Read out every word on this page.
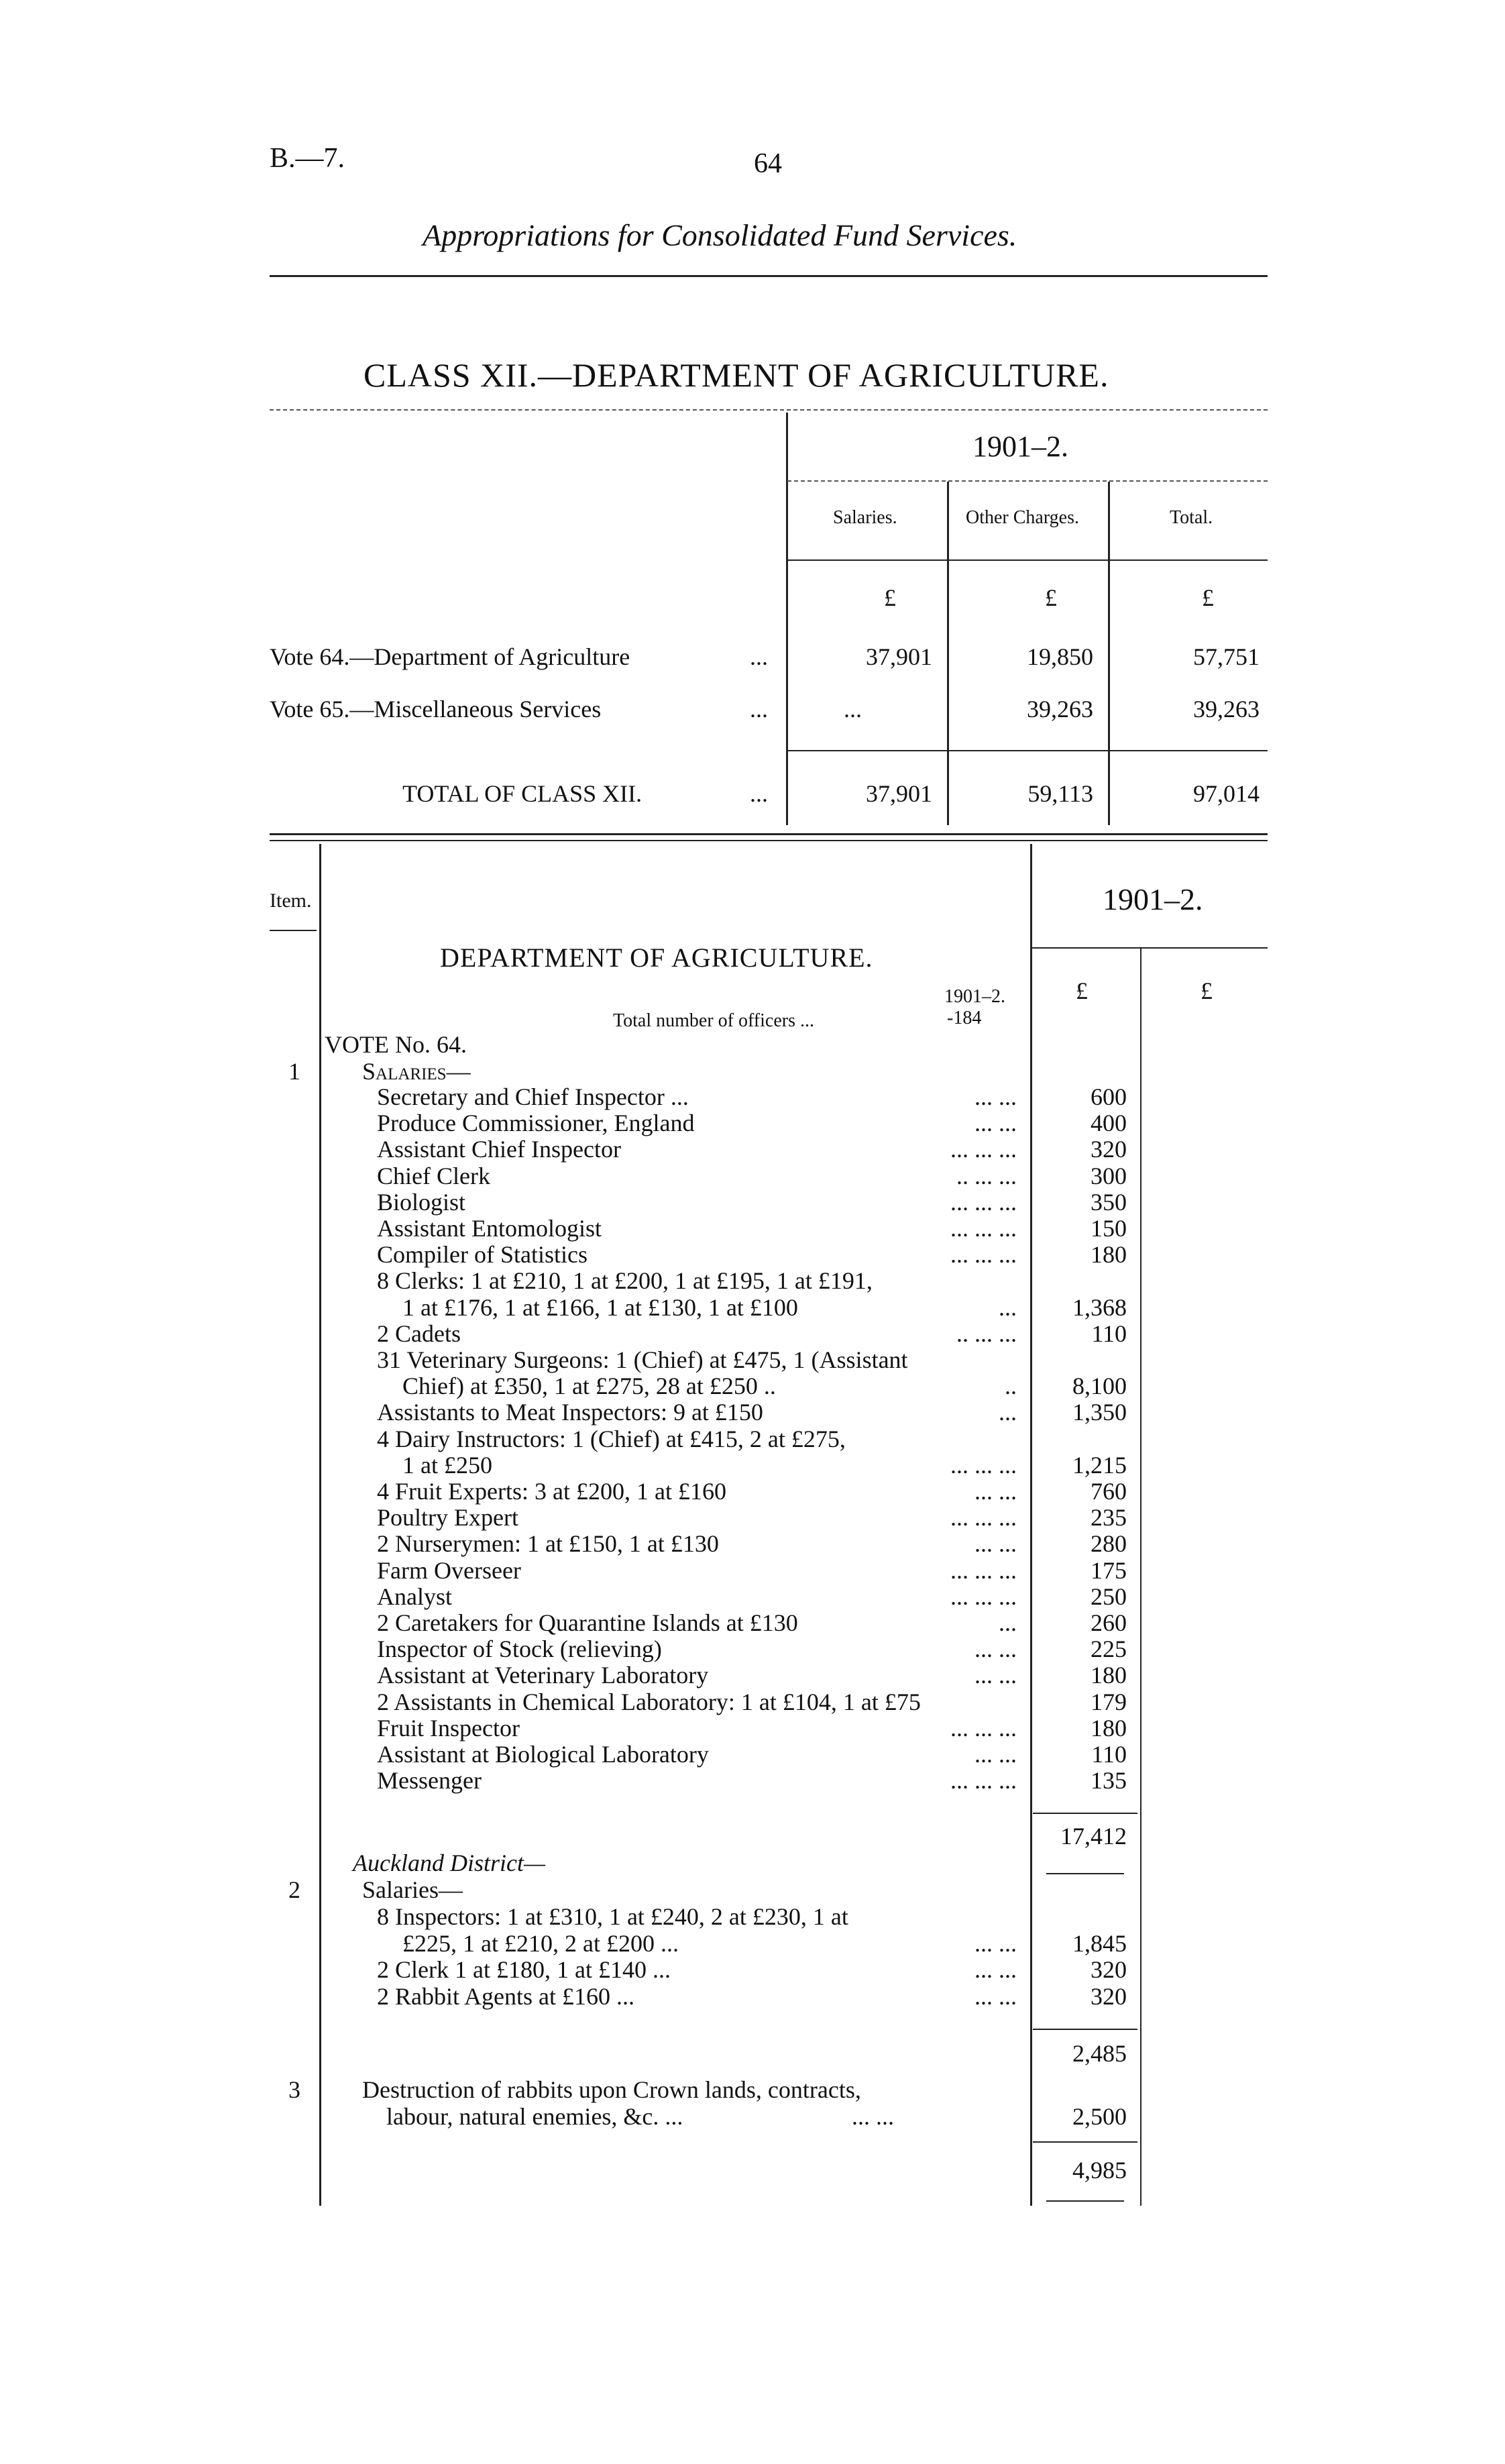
B.—7.	64
Appropriations for Consolidated Fund Services.
CLASS XII.—DEPARTMENT OF AGRICULTURE.
1901–2.
Salaries.	Other Charges.	Total.
£	£	£
Vote 64.—Department of Agriculture	...	37,901	19,850	57,751
Vote 65.—Miscellaneous Services	...	...	39,263	39,263
TOTAL OF CLASS XII.	...	37,901	59,113	97,014
Item.	1901–2.
DEPARTMENT OF AGRICULTURE.
1901–2.
Total number of officers ...	-184
£	£
VOTE No. 64.
1	Salaries—
Secretary and Chief Inspector ...	... ...	600
Produce Commissioner, England	... ...	400
Assistant Chief Inspector	... ... ...	320
Chief Clerk	.. ... ...	300
Biologist	... ... ...	350
Assistant Entomologist	... ... ...	150
Compiler of Statistics	... ... ...	180
8 Clerks: 1 at £210, 1 at £200, 1 at £195, 1 at £191,
1 at £176, 1 at £166, 1 at £130, 1 at £100	...	1,368
2 Cadets	.. ... ...	110
31 Veterinary Surgeons: 1 (Chief) at £475, 1 (Assistant
Chief) at £350, 1 at £275, 28 at £250 ..	..	8,100
Assistants to Meat Inspectors: 9 at £150	...	1,350
4 Dairy Instructors: 1 (Chief) at £415, 2 at £275,
1 at £250	... ... ...	1,215
4 Fruit Experts: 3 at £200, 1 at £160	... ...	760
Poultry Expert	... ... ...	235
2 Nurserymen: 1 at £150, 1 at £130	... ...	280
Farm Overseer	... ... ...	175
Analyst	... ... ...	250
2 Caretakers for Quarantine Islands at £130	...	260
Inspector of Stock (relieving)	... ...	225
Assistant at Veterinary Laboratory	... ...	180
2 Assistants in Chemical Laboratory: 1 at £104, 1 at £75	179
Fruit Inspector	... ... ...	180
Assistant at Biological Laboratory	... ...	110
Messenger	... ... ...	135
17,412
Auckland District—
2	Salaries—
8 Inspectors: 1 at £310, 1 at £240, 2 at £230, 1 at
£225, 1 at £210, 2 at £200 ...	... ...	1,845
2 Clerk 1 at £180, 1 at £140 ...	... ...	320
2 Rabbit Agents at £160 ...	... ...	320
2,485
3	Destruction of rabbits upon Crown lands, contracts,
labour, natural enemies, &c. ...	... ...	2,500
4,985
